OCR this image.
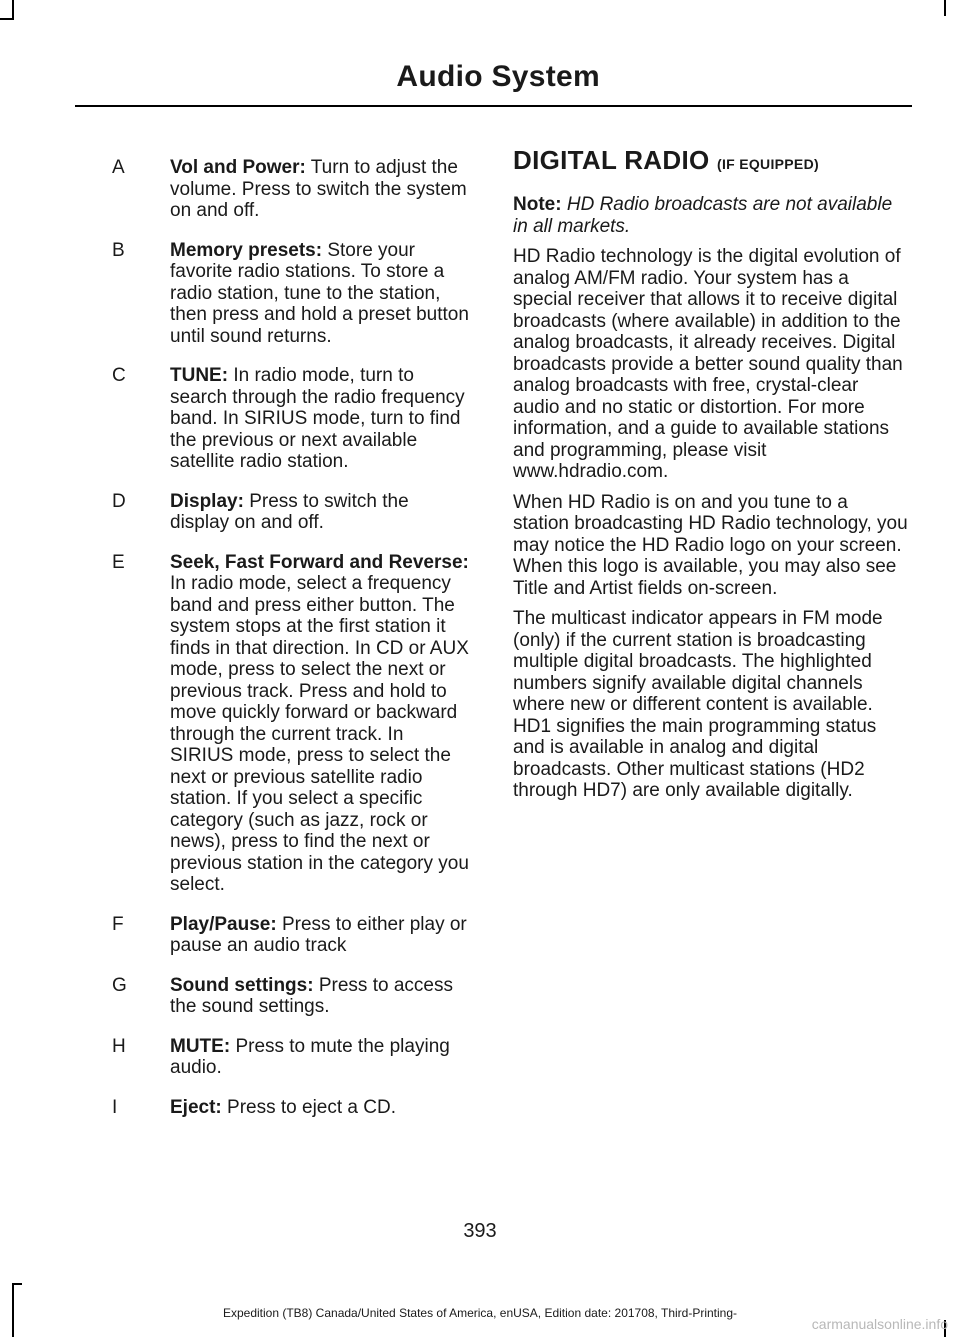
Audio System
A	Vol and Power: Turn to adjust the volume. Press to switch the system on and off.
B	Memory presets: Store your favorite radio stations. To store a radio station, tune to the station, then press and hold a preset button until sound returns.
C	TUNE: In radio mode, turn to search through the radio frequency band. In SIRIUS mode, turn to find the previous or next available satellite radio station.
D	Display: Press to switch the display on and off.
E	Seek, Fast Forward and Reverse: In radio mode, select a frequency band and press either button. The system stops at the first station it finds in that direction. In CD or AUX mode, press to select the next or previous track. Press and hold to move quickly forward or backward through the current track. In SIRIUS mode, press to select the next or previous satellite radio station. If you select a specific category (such as jazz, rock or news), press to find the next or previous station in the category you select.
F	Play/Pause: Press to either play or pause an audio track
G	Sound settings: Press to access the sound settings.
H	MUTE: Press to mute the playing audio.
I	Eject: Press to eject a CD.
DIGITAL RADIO (IF EQUIPPED)

Note: HD Radio broadcasts are not available in all markets.

HD Radio technology is the digital evolution of analog AM/FM radio. Your system has a special receiver that allows it to receive digital broadcasts (where available) in addition to the analog broadcasts, it already receives. Digital broadcasts provide a better sound quality than analog broadcasts with free, crystal-clear audio and no static or distortion. For more information, and a guide to available stations and programming, please visit www.hdradio.com.

When HD Radio is on and you tune to a station broadcasting HD Radio technology, you may notice the HD Radio logo on your screen. When this logo is available, you may also see Title and Artist fields on-screen.

The multicast indicator appears in FM mode (only) if the current station is broadcasting multiple digital broadcasts. The highlighted numbers signify available digital channels where new or different content is available. HD1 signifies the main programming status and is available in analog and digital broadcasts. Other multicast stations (HD2 through HD7) are only available digitally.

393
Expedition (TB8) Canada/United States of America, enUSA, Edition date: 201708, Third-Printing-
carmanualsonline.info
